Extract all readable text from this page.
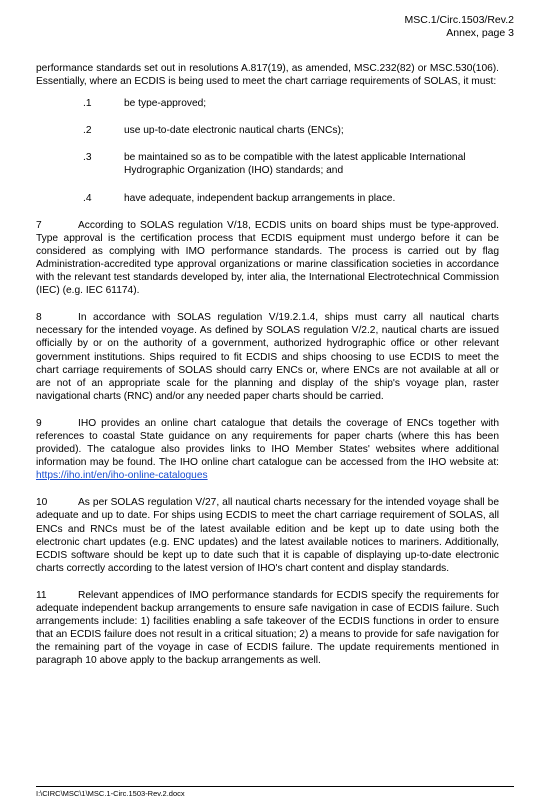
MSC.1/Circ.1503/Rev.2
Annex, page 3

performance standards set out in resolutions A.817(19), as amended, MSC.232(82) or MSC.530(106). Essentially, where an ECDIS is being used to meet the chart carriage requirements of SOLAS, it must:

.1	be type-approved;
.2	use up-to-date electronic nautical charts (ENCs);
.3	be maintained so as to be compatible with the latest applicable International Hydrographic Organization (IHO) standards; and
.4	have adequate, independent backup arrangements in place.

7	According to SOLAS regulation V/18, ECDIS units on board ships must be type-approved. Type approval is the certification process that ECDIS equipment must undergo before it can be considered as complying with IMO performance standards. The process is carried out by flag Administration-accredited type approval organizations or marine classification societies in accordance with the relevant test standards developed by, inter alia, the International Electrotechnical Commission (IEC) (e.g. IEC 61174).

8	In accordance with SOLAS regulation V/19.2.1.4, ships must carry all nautical charts necessary for the intended voyage. As defined by SOLAS regulation V/2.2, nautical charts are issued officially by or on the authority of a government, authorized hydrographic office or other relevant government institutions. Ships required to fit ECDIS and ships choosing to use ECDIS to meet the chart carriage requirements of SOLAS should carry ENCs or, where ENCs are not available at all or are not of an appropriate scale for the planning and display of the ship's voyage plan, raster navigational charts (RNC) and/or any needed paper charts should be carried.

9	IHO provides an online chart catalogue that details the coverage of ENCs together with references to coastal State guidance on any requirements for paper charts (where this has been provided). The catalogue also provides links to IHO Member States' websites where additional information may be found. The IHO online chart catalogue can be accessed from the IHO website at: https://iho.int/en/iho-online-catalogues

10	As per SOLAS regulation V/27, all nautical charts necessary for the intended voyage shall be adequate and up to date. For ships using ECDIS to meet the chart carriage requirement of SOLAS, all ENCs and RNCs must be of the latest available edition and be kept up to date using both the electronic chart updates (e.g. ENC updates) and the latest available notices to mariners. Additionally, ECDIS software should be kept up to date such that it is capable of displaying up-to-date electronic charts correctly according to the latest version of IHO's chart content and display standards.

11	Relevant appendices of IMO performance standards for ECDIS specify the requirements for adequate independent backup arrangements to ensure safe navigation in case of ECDIS failure. Such arrangements include: 1) facilities enabling a safe takeover of the ECDIS functions in order to ensure that an ECDIS failure does not result in a critical situation; 2) a means to provide for safe navigation for the remaining part of the voyage in case of ECDIS failure. The update requirements mentioned in paragraph 10 above apply to the backup arrangements as well.

I:\CIRC\MSC\1\MSC.1-Circ.1503-Rev.2.docx
